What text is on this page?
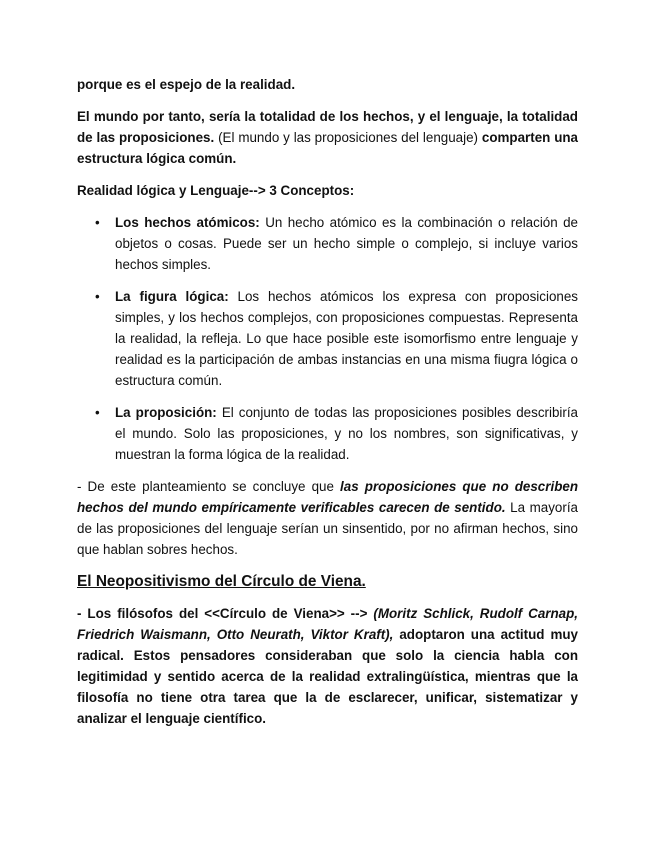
porque es el espejo de la realidad.

El mundo por tanto, sería la totalidad de los hechos, y el lenguaje, la totalidad de las proposiciones. (El mundo y las proposiciones del lenguaje) comparten una estructura lógica común.

Realidad lógica y Lenguaje--> 3 Conceptos:

• Los hechos atómicos: Un hecho atómico es la combinación o relación de objetos o cosas. Puede ser un hecho simple o complejo, si incluye varios hechos simples.
• La figura lógica: Los hechos atómicos los expresa con proposiciones simples, y los hechos complejos, con proposiciones compuestas. Representa la realidad, la refleja. Lo que hace posible este isomorfismo entre lenguaje y realidad es la participación de ambas instancias en una misma fiugra lógica o estructura común.
• La proposición: El conjunto de todas las proposiciones posibles describiría el mundo. Solo las proposiciones, y no los nombres, son significativas, y muestran la forma lógica de la realidad.

- De este planteamiento se concluye que las proposiciones que no describen hechos del mundo empíricamente verificables carecen de sentido. La mayoría de las proposiciones del lenguaje serían un sinsentido, por no afirman hechos, sino que hablan sobres hechos.

El Neopositivismo del Círculo de Viena.

- Los filósofos del <<Círculo de Viena>> --> (Moritz Schlick, Rudolf Carnap, Friedrich Waismann, Otto Neurath, Viktor Kraft), adoptaron una actitud muy radical. Estos pensadores consideraban que solo la ciencia habla con legitimidad y sentido acerca de la realidad extralingüística, mientras que la filosofía no tiene otra tarea que la de esclarecer, unificar, sistematizar y analizar el lenguaje científico.
